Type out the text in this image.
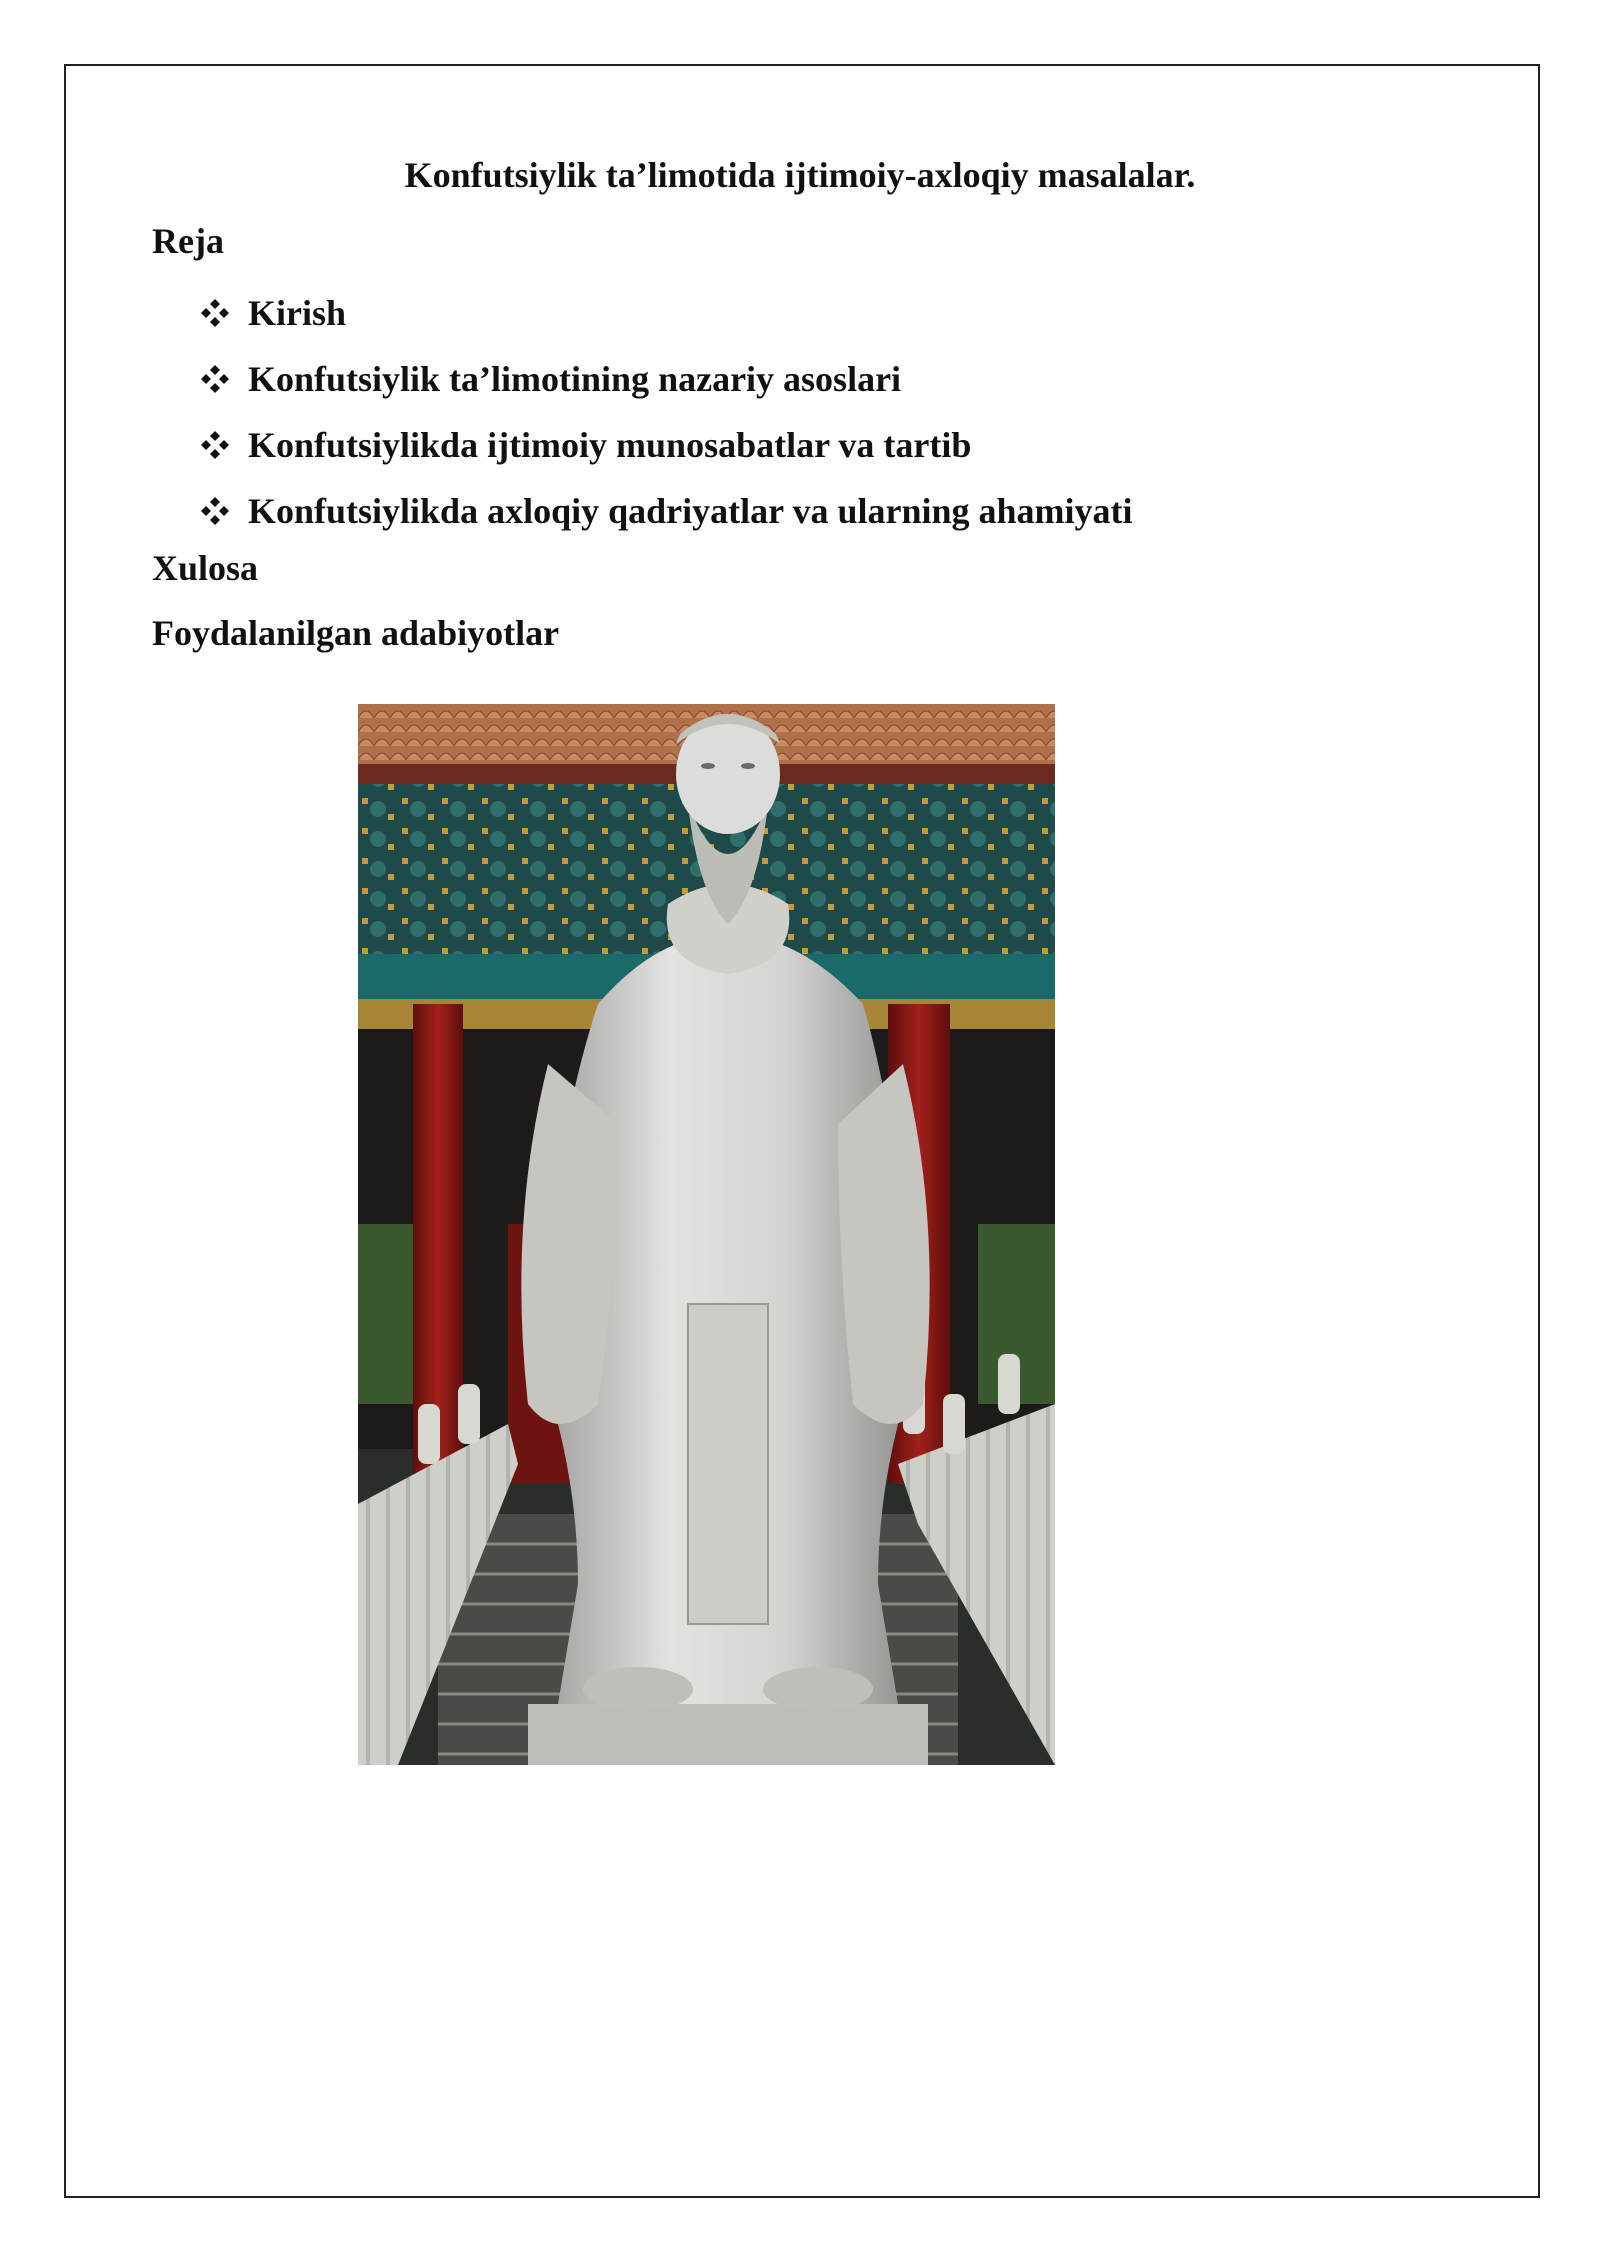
Konfutsiylik ta’limotida ijtimoiy-axloqiy masalalar.
Reja
Kirish
Konfutsiylik ta’limotining nazariy asoslari
Konfutsiylikda ijtimoiy munosabatlar va tartib
Konfutsiylikda axloqiy qadriyatlar va ularning ahamiyati
Xulosa
Foydalanilgan adabiyotlar
